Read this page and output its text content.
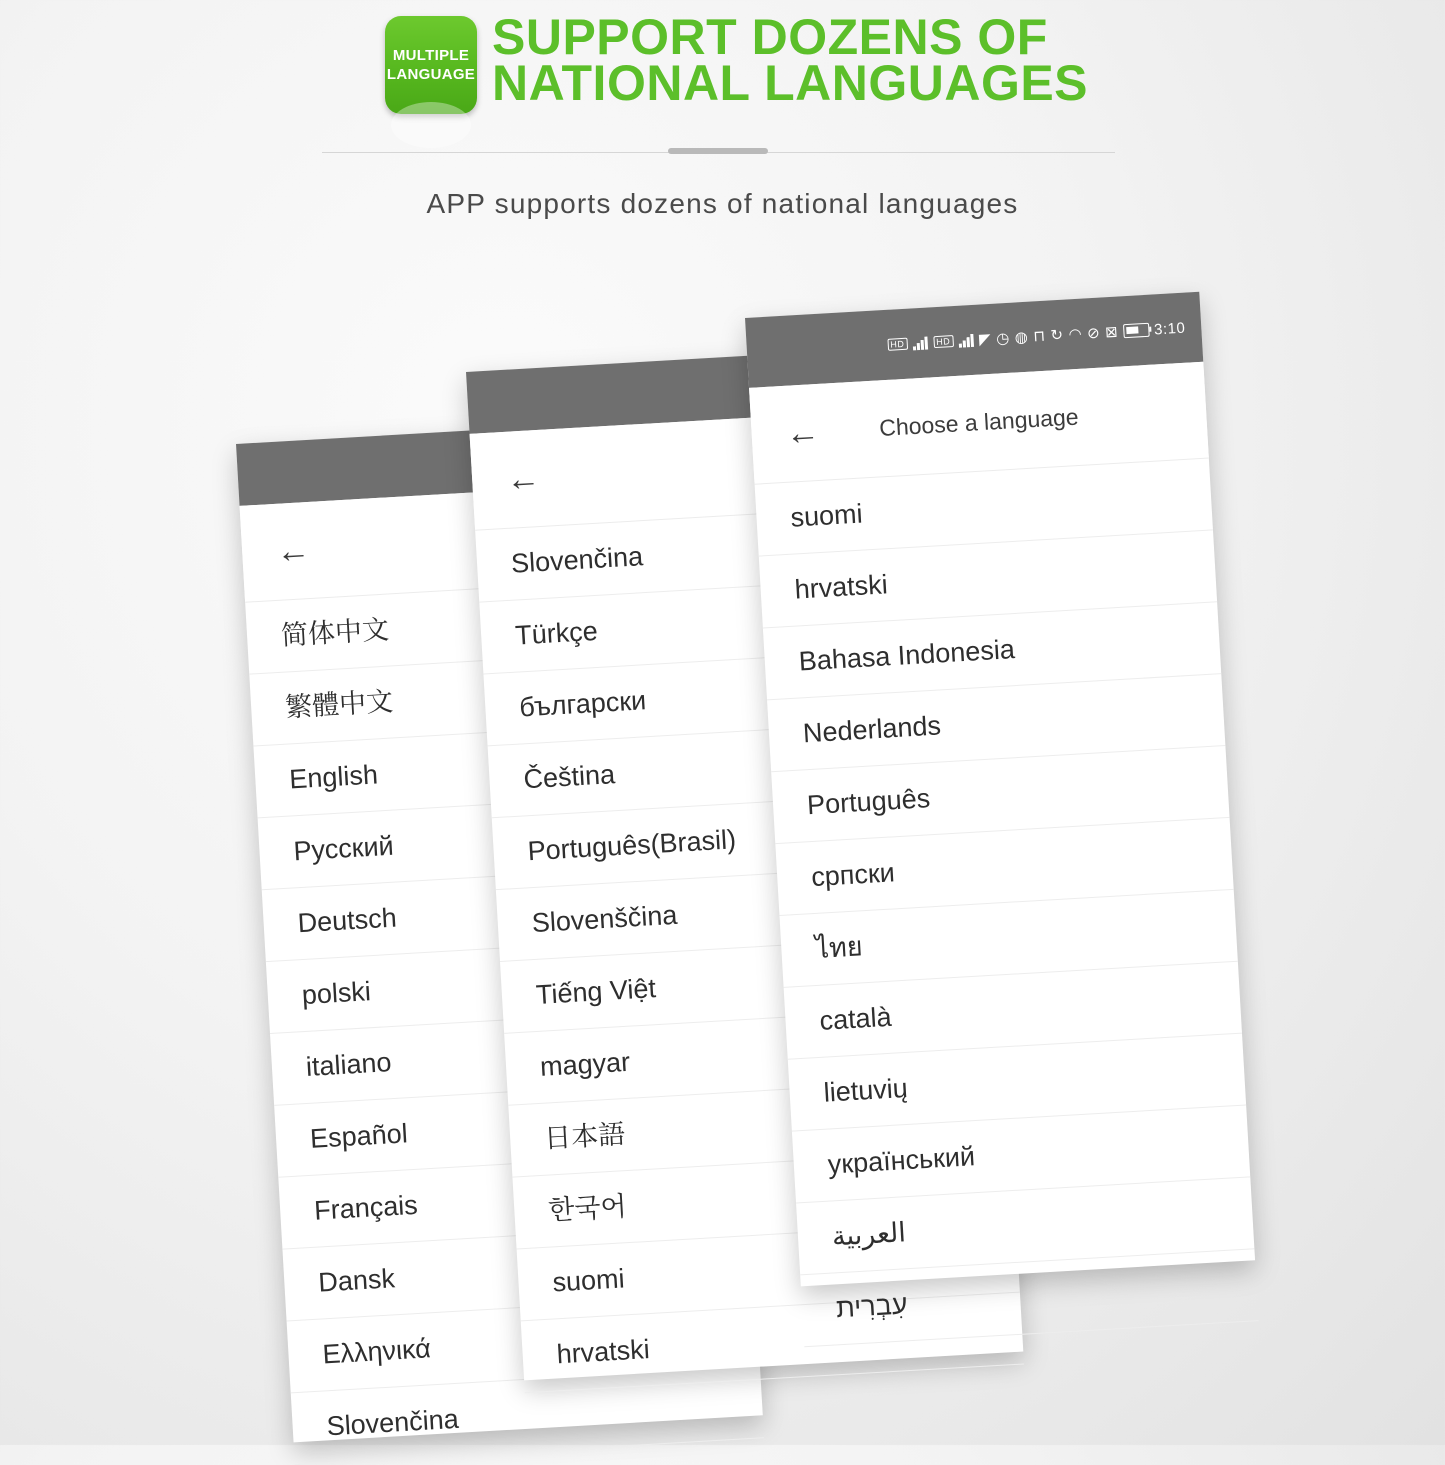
MULTIPLE
LANGUAGE
SUPPORT DOZENS OF
NATIONAL LANGUAGES
APP supports dozens of national languages
←
简体中文
繁體中文
English
Русский
Deutsch
polski
italiano
Español
Français
Dansk
Ελληνικά
Slovenčina
←
Slovenčina
Türkçe
български
Čeština
Português(Brasil)
Slovenščina
Tiếng Việt
magyar
日本語
한국어
suomi
hrvatski
HD	HD ◤ ◷ ◍ ⊓ ↻ ◠ ⊘ ⊠ 3:10
←	Choose a language
suomi
hrvatski
Bahasa Indonesia
Nederlands
Português
српски
ไทย
català
lietuvių
український
العربية
עִבְרִית
